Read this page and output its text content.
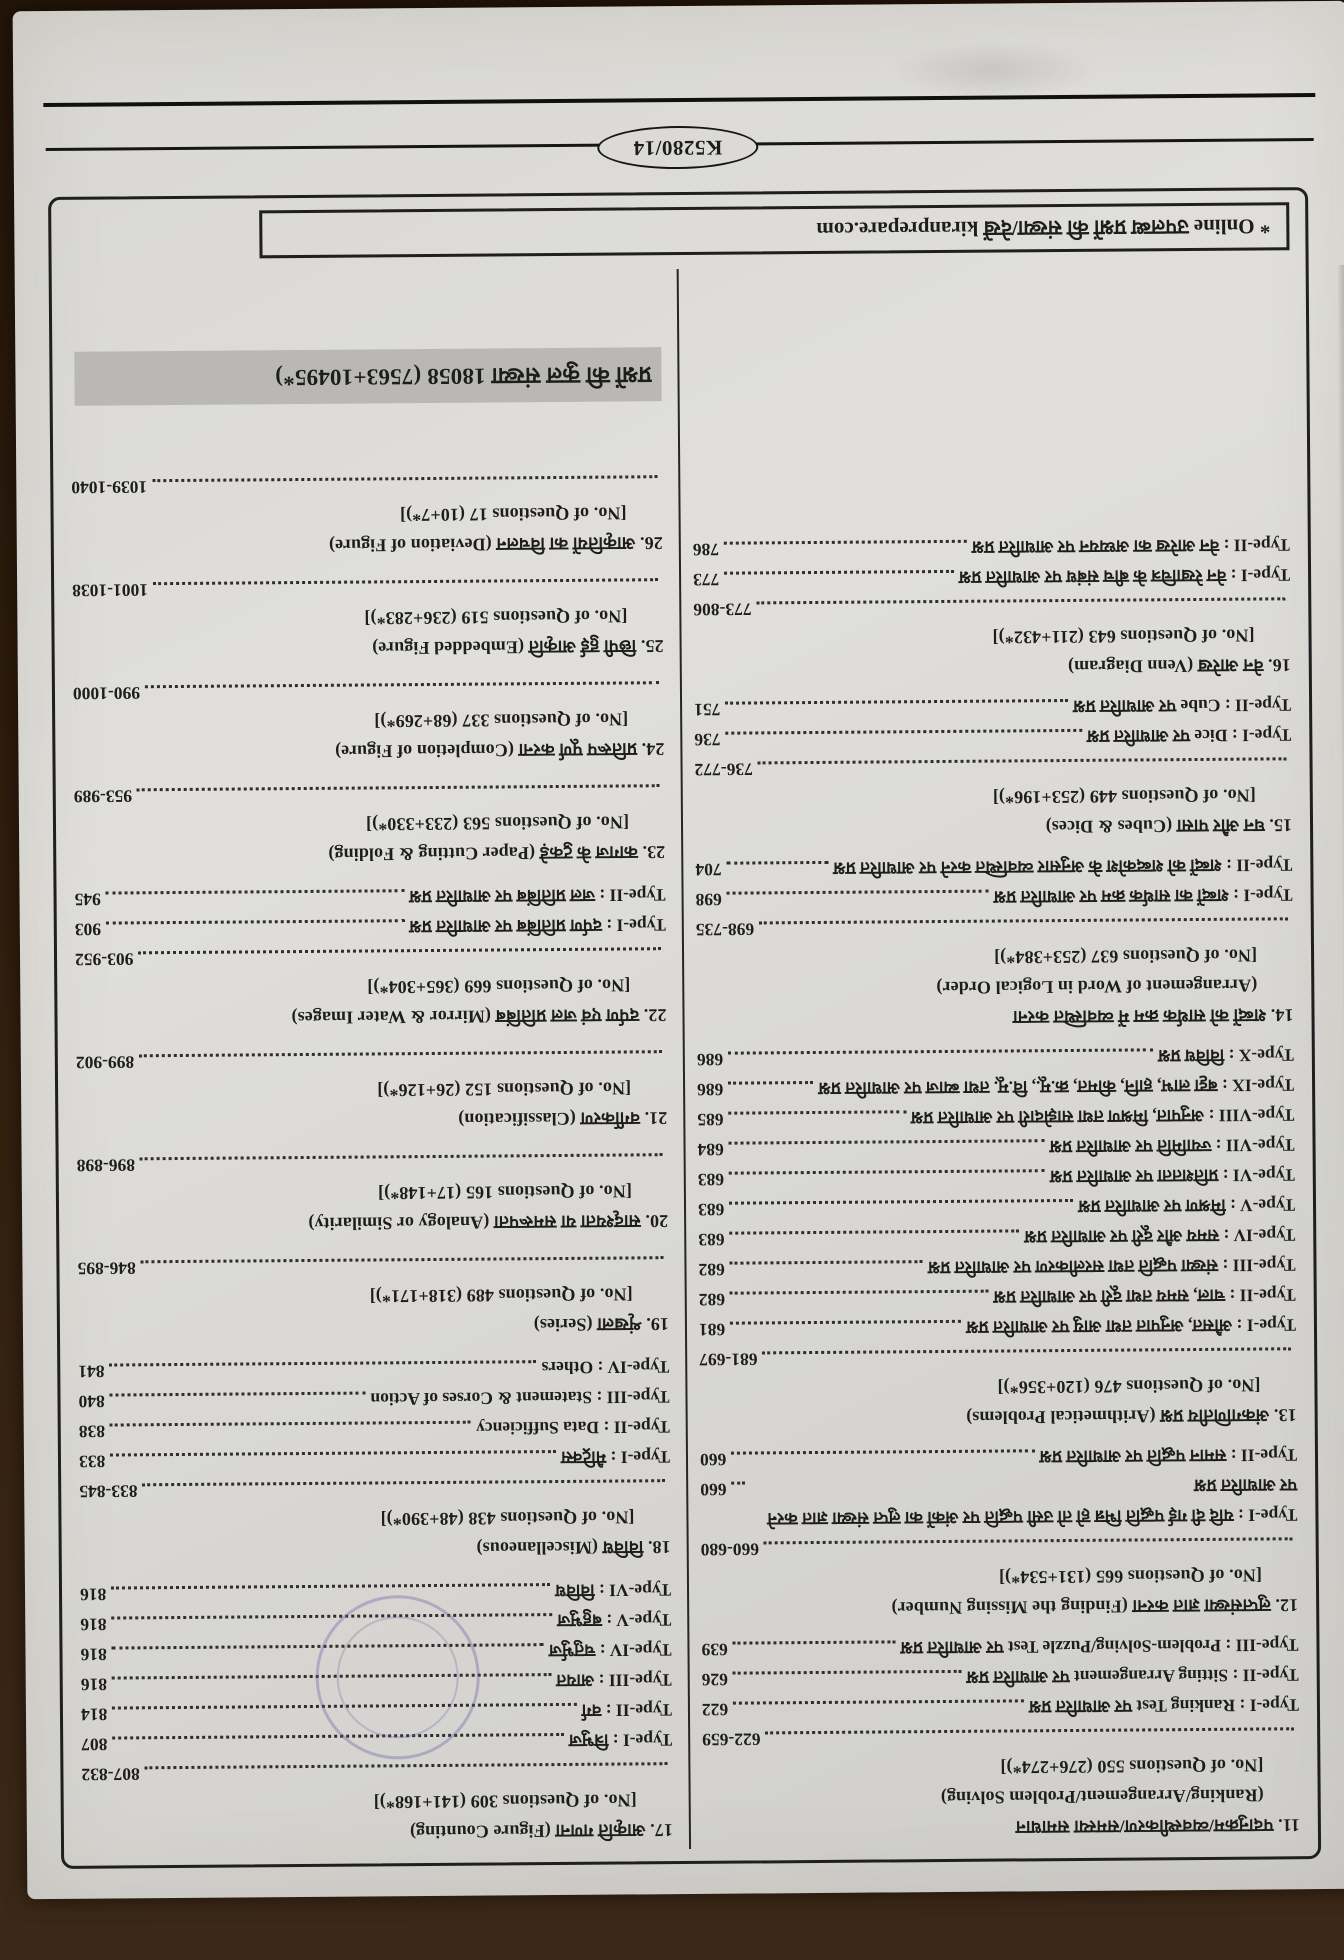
11. पदानुक्रम/व्यवस्थीकरण/समस्या समाधान
(Ranking/Arrangement/Problem Solving)
[No. of Questions 550 (276+274*)]
622-659
Type-I : Ranking Test पर आधारित प्रश्न
622
Type-II : Sitting Arrangement पर आधारित प्रश्न
626
Type-III : Problem-Solving/Puzzle Test पर आधारित प्रश्न
639
12. लुप्तसंख्या ज्ञात करना (Finding the Missing Number)
[No. of Questions 665 (131+534*)]
660-680
Type-I : यदि दी गई पद्धति भिन्न हो तो उसी पद्धति पर अंकों का लुप्त संख्या ज्ञात करने पर आधारित प्रश्न
660
Type-II : समान पद्धति पर आधारित प्रश्न
660
13. अंकगणितीय प्रश्न (Arithmetical Problems)
[No. of Questions 476 (120+356*)]
681-697
Type-I : औसत, अनुपात तथा आयु पर आधारित प्रश्न
681
Type-II : चाल, समय तथा दूरी पर आधारित प्रश्न
682
Type-III : संख्या पद्धति तथा सरलीकरण पर आधारित प्रश्न
682
Type-IV : समय और दूरी पर आधारित प्रश्न
683
Type-V : मिश्रण पर आधारित प्रश्न
683
Type-VI : प्रतिशतता पर आधारित प्रश्न
683
Type-VII : ज्यामिति पर आधारित प्रश्न
684
Type-VIII : अनुपात, मिश्रण तथा साझेदारी पर आधारित प्रश्न
685
Type-IX : बट्टा लाभ, हानि, कीमत, क्र.मू., वि.मू. तथा ब्याज पर आधारित प्रश्न
686
Type-X : विविध प्रश्न
686
14. शब्दों को सार्थक क्रम में व्यवस्थित करना
(Arrangement of Word in Logical Order)
[No. of Questions 637 (253+384*)]
698-735
Type-I : शब्दों का सार्थक क्रम पर आधारित प्रश्न
698
Type-II : शब्दों को शब्दकोश के अनुसार व्यवस्थित करने पर आधारित प्रश्न
704
15. घन और पासा (Cubes & Dices)
[No. of Questions 449 (253+196*)]
736-772
Type-I : Dice पर आधारित प्रश्न
736
Type-II : Cube पर आधारित प्रश्न
751
16. वेन आरेख (Venn Diagram)
[No. of Questions 643 (211+432*)]
773-806
Type-I : वेन रेखाचित्र के बीच संबंध पर आधारित प्रश्न
773
Type-II : वेन आरेख का अध्ययन पर आधारित प्रश्न
786
17. आकृति गणना (Figure Counting)
[No. of Questions 309 (141+168*)]
807-832
Type-I : त्रिभुज
807
Type-II : वर्ग
814
Type-III : आयत
816
Type-IV : चतुर्भुज
816
Type-V : बहुभुज
816
Type-VI : विविध
816
18. विविध (Miscellaneous)
[No. of Questions 438 (48+390*)]
833-845
Type-I : मैट्रिक्स
833
Type-II : Data Sufficiency
838
Type-III : Statement & Corses of Action
840
Type-IV : Others
841
19. शृंखला (Series)
[No. of Questions 489 (318+171*)]
846-895
20. सादृश्यता या समरूपता (Analogy or Similarity)
[No. of Questions 165 (17+148*)]
896-898
21. वर्गीकरण (Classification)
[No. of Questions 152 (26+126*)]
899-902
22. दर्पण एवं जल प्रतिबिंब (Mirror & Water Images)
[No. of Questions 669 (365+304*)]
903-952
Type-I : दर्पण प्रतिबिंब पर आधारित प्रश्न
903
Type-II : जल प्रतिबिंब पर आधारित प्रश्न
945
23. कागज के टुकड़े (Paper Cutting & Folding)
[No. of Questions 563 (233+330*)]
953-989
24. प्रतिरूप पूर्ण करना (Completion of Figure)
[No. of Questions 337 (68+269*)]
990-1000
25. छिपी हुई आकृति (Embedded Figure)
[No. of Questions 519 (236+283*)]
1001-1038
26. आकृतियों का विचलन (Deviation of Figure)
[No. of Questions 17 (10+7*)]
1039-1040
प्रश्नों की कुल संख्या 18058 (7563+10495*)
* Online उपलब्ध प्रश्नों की संख्या/देखें kiranprepare.com
K5280/14
